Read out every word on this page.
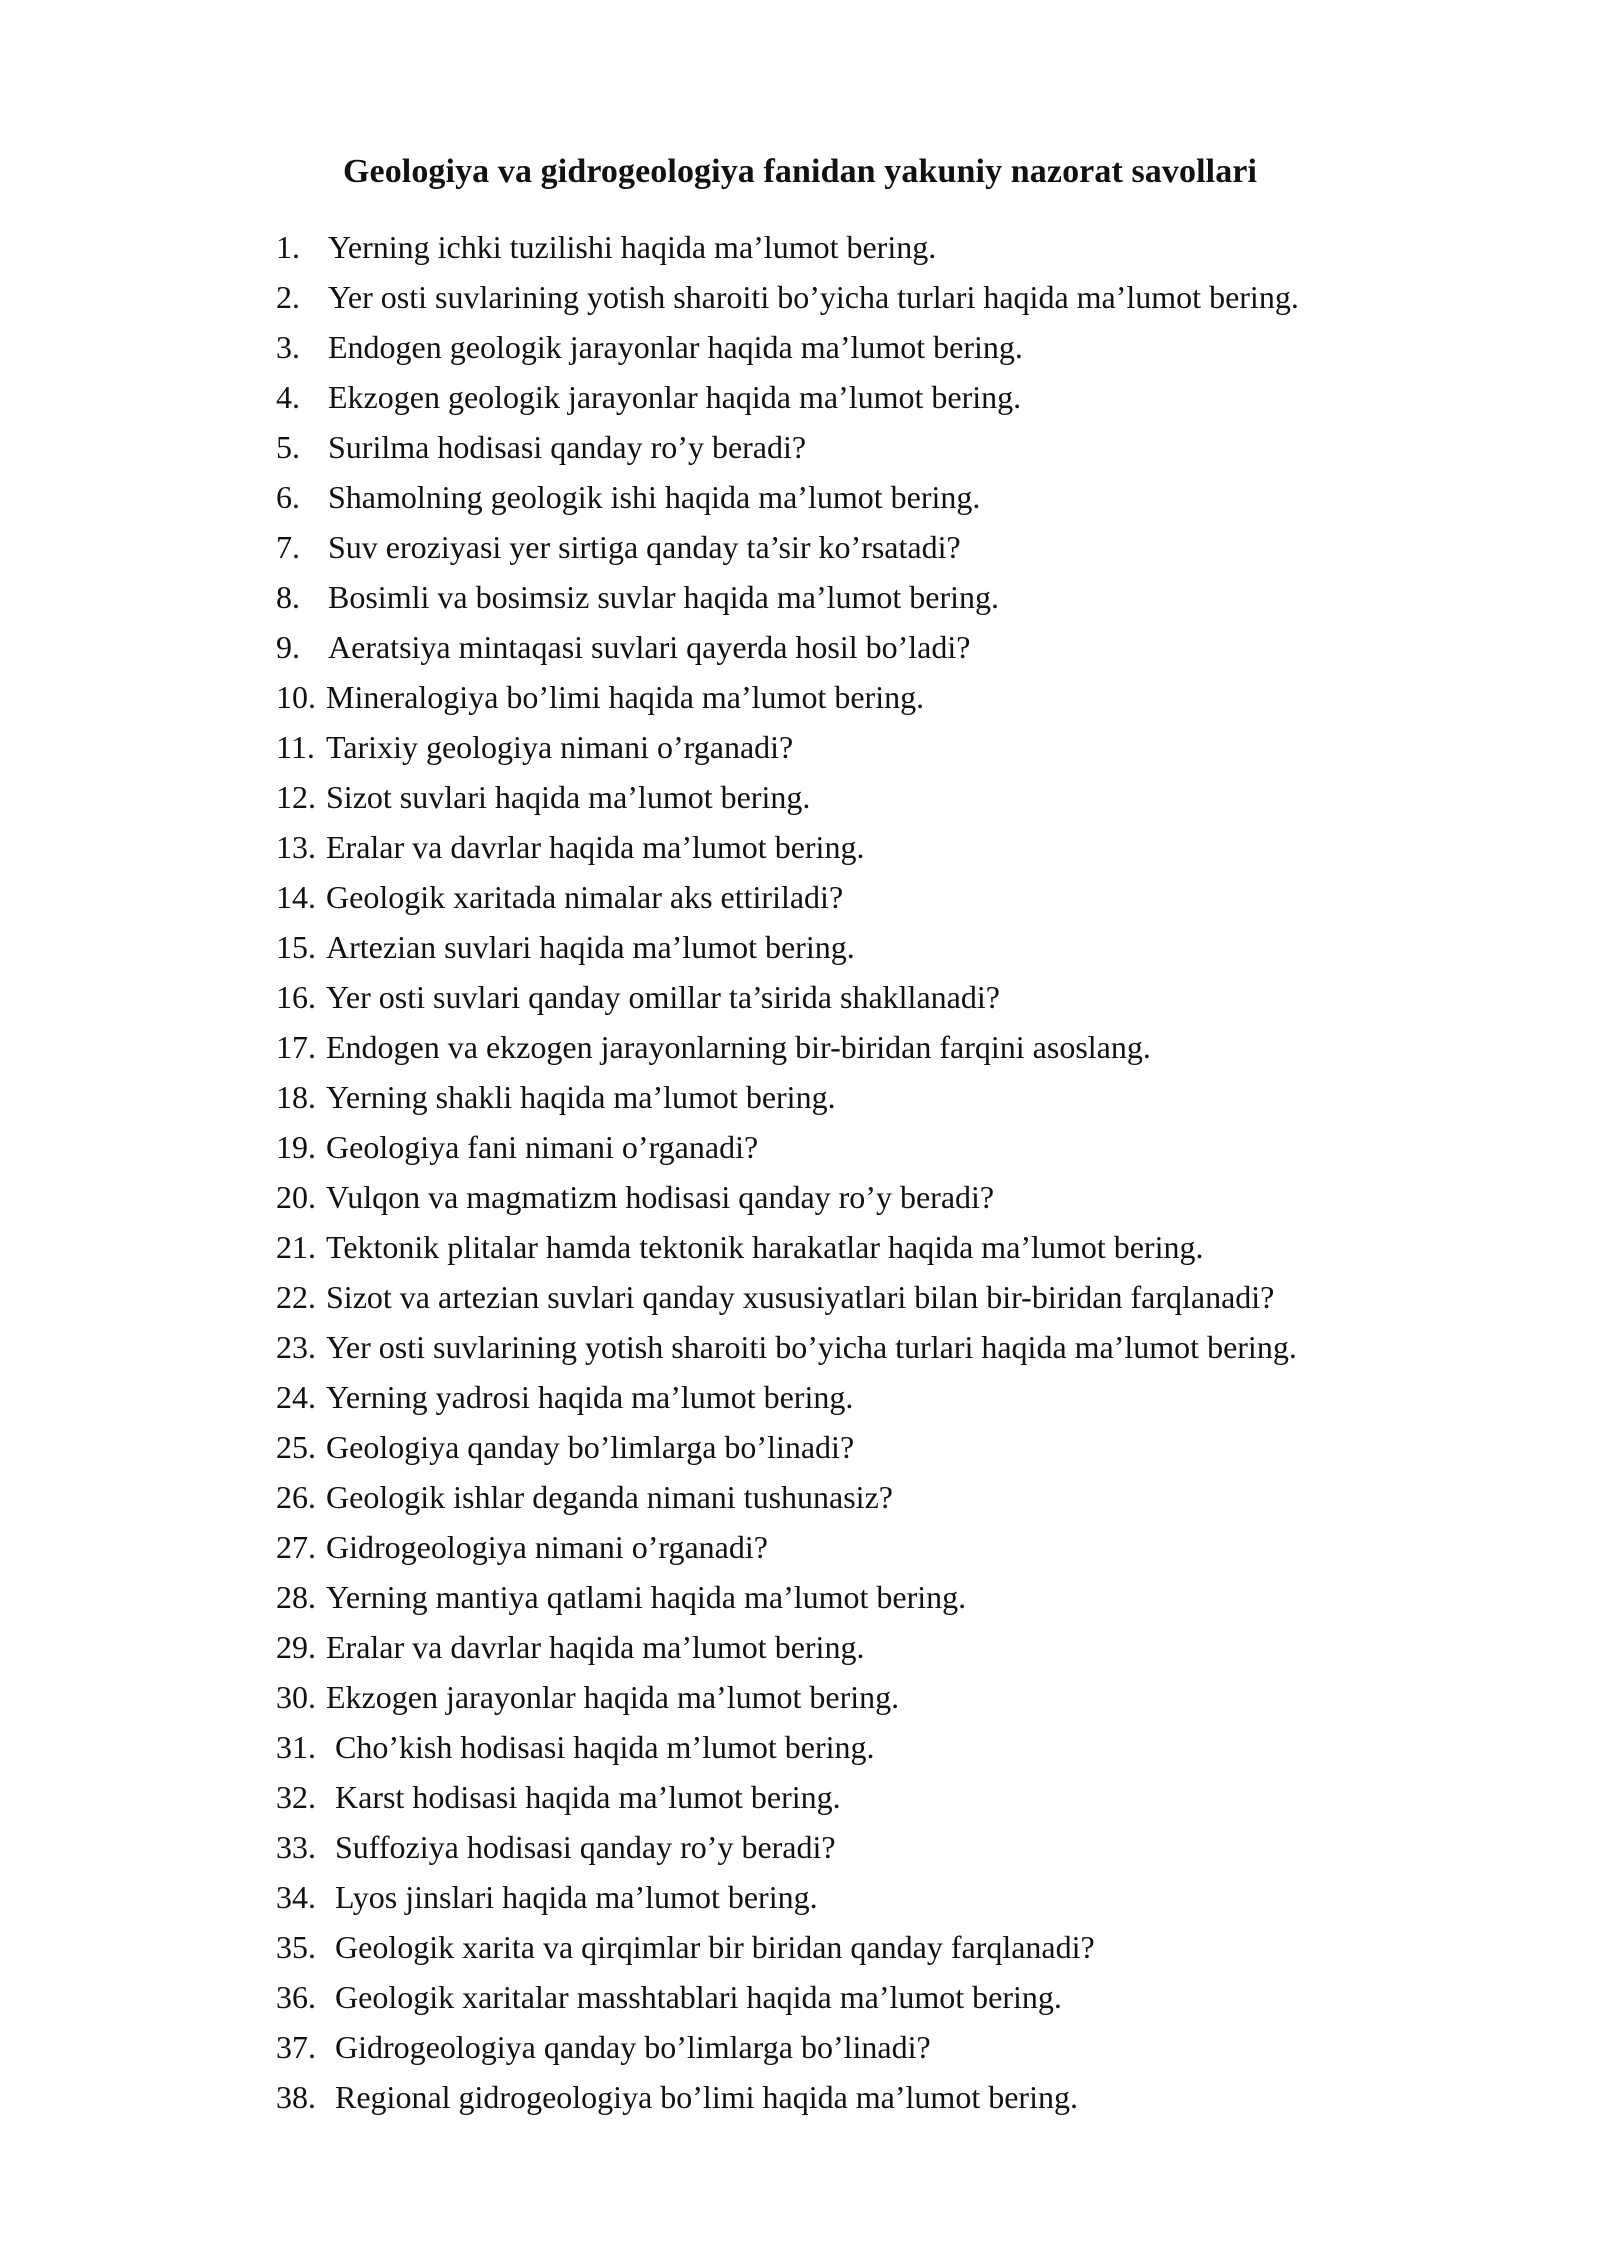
Geologiya va gidrogeologiya fanidan yakuniy nazorat savollari
1. Yerning ichki tuzilishi haqida ma’lumot bering.
2. Yer osti suvlarining yotish sharoiti bo’yicha turlari haqida ma’lumot bering.
3. Endogen geologik jarayonlar haqida ma’lumot bering.
4. Ekzogen geologik jarayonlar haqida ma’lumot bering.
5. Surilma hodisasi qanday ro’y beradi?
6. Shamolning geologik ishi haqida ma’lumot bering.
7. Suv eroziyasi yer sirtiga qanday ta’sir ko’rsatadi?
8. Bosimli va bosimsiz suvlar haqida ma’lumot bering.
9. Aeratsiya mintaqasi suvlari qayerda hosil bo’ladi?
10. Mineralogiya bo’limi haqida ma’lumot bering.
11. Tarixiy geologiya nimani o’rganadi?
12. Sizot suvlari haqida ma’lumot bering.
13. Eralar va davrlar haqida ma’lumot bering.
14. Geologik xaritada nimalar aks ettiriladi?
15. Artezian suvlari haqida ma’lumot bering.
16. Yer osti suvlari qanday omillar ta’sirida shakllanadi?
17. Endogen va ekzogen jarayonlarning bir-biridan farqini asoslang.
18. Yerning shakli haqida ma’lumot bering.
19. Geologiya fani nimani o’rganadi?
20. Vulqon va magmatizm hodisasi qanday ro’y beradi?
21. Tektonik plitalar hamda tektonik harakatlar haqida ma’lumot bering.
22. Sizot va artezian suvlari qanday xususiyatlari bilan bir-biridan farqlanadi?
23. Yer osti suvlarining yotish sharoiti bo’yicha turlari haqida ma’lumot bering.
24. Yerning yadrosi haqida ma’lumot bering.
25. Geologiya qanday bo’limlarga bo’linadi?
26. Geologik ishlar deganda nimani tushunasiz?
27. Gidrogeologiya nimani o’rganadi?
28. Yerning mantiya qatlami haqida ma’lumot bering.
29. Eralar va davrlar haqida ma’lumot bering.
30. Ekzogen jarayonlar haqida ma’lumot bering.
31. Cho’kish hodisasi haqida m’lumot bering.
32. Karst hodisasi haqida ma’lumot bering.
33. Suffoziya hodisasi qanday ro’y beradi?
34. Lyos jinslari haqida ma’lumot bering.
35. Geologik xarita va qirqimlar bir biridan qanday farqlanadi?
36. Geologik xaritalar masshtablari haqida ma’lumot bering.
37. Gidrogeologiya qanday bo’limlarga bo’linadi?
38. Regional gidrogeologiya bo’limi haqida ma’lumot bering.
